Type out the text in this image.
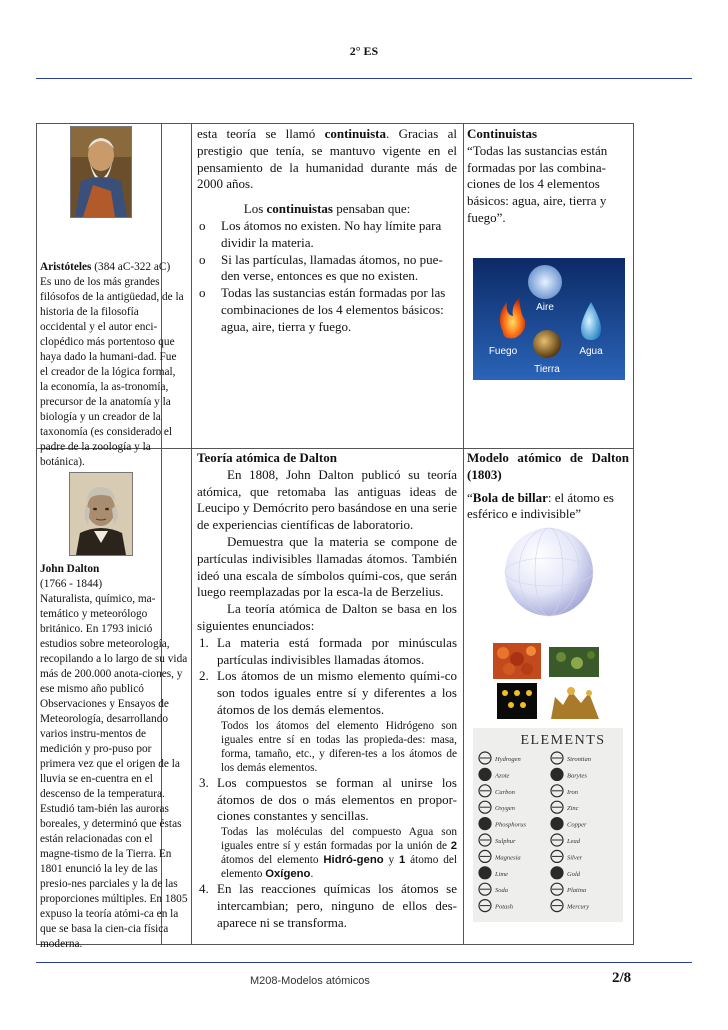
2° ES
Aristóteles (384 aC-322 aC)
Es uno de los más grandes filósofos de la antigüedad, de la historia de la filosofía occidental y el autor enci-clopédico más portentoso que haya dado la humani-dad. Fue el creador de la lógica formal, la economía, la as-tronomía, precursor de la anatomía y la biología y un creador de la taxonomía (es considerado el padre de la zoología y la botánica).
esta teoría se llamó continuista. Gracias al prestigio que tenía, se mantuvo vigente en el pensamiento de la humanidad durante más de 2000 años.
Los continuistas pensaban que:
o Los átomos no existen. No hay límite para dividir la materia.
o Si las partículas, llamadas átomos, no pue-den verse, entonces es que no existen.
o Todas las sustancias están formadas por las combinaciones de los 4 elementos básicos: agua, aire, tierra y fuego.
Continuistas
“Todas las sustancias están formadas por las combina-ciones de los 4 elementos básicos: agua, aire, tierra y fuego”.
Aire
Fuego	Agua
Tierra
John Dalton
(1766 - 1844)
Naturalista, químico, ma-temático y meteorólogo británico. En 1793 inició estudios sobre meteorología, recopilando a lo largo de su vida más de 200.000 anota-ciones, y ese mismo año publicó Observaciones y Ensayos de Meteorología, desarrollando varios instru-mentos de medición y pro-puso por primera vez que el origen de la lluvia se en-cuentra en el descenso de la temperatura. Estudió tam-bién las auroras boreales, y determinó que éstas están relacionadas con el magne-tismo de la Tierra. En 1801 enunció la ley de las presio-nes parciales y la de las proporciones múltiples. En 1805 expuso la teoría atómi-ca en la que se basa la cien-cia física moderna.
Teoría atómica de Dalton
En 1808, John Dalton publicó su teoría atómica, que retomaba las antiguas ideas de Leucipo y Demócrito pero basándose en una serie de experiencias científicas de laboratorio.
Demuestra que la materia se compone de partículas indivisibles llamadas átomos. También ideó una escala de símbolos quími-cos, que serán luego reemplazadas por la esca-la de Berzelius.
La teoría atómica de Dalton se basa en los siguientes enunciados:
1. La materia está formada por minúsculas partículas indivisibles llamadas átomos.
2. Los átomos de un mismo elemento quími-co son todos iguales entre sí y diferentes a los átomos de los demás elementos.
Todos los átomos del elemento Hidrógeno son iguales entre sí en todas las propieda-des: masa, forma, tamaño, etc., y diferen-tes a los átomos de los demás elementos.
3. Los compuestos se forman al unirse los átomos de dos o más elementos en propor-ciones constantes y sencillas.
Todas las moléculas del compuesto Agua son iguales entre sí y están formadas por la unión de 2 átomos del elemento Hidró-geno y 1 átomo del elemento Oxígeno.
4. En las reacciones químicas los átomos se intercambian; pero, ninguno de ellos des-aparece ni se transforma.
Modelo atómico de Dalton (1803)
“Bola de billar: el átomo es esférico e indivisible”
ELEMENTS
Hydrogen
Azote
Carbon
Oxygen
Phosphorus
Sulphur
Magnesia
Lime
Soda
Potash
Strontian
Barytes
Iron
Zinc
Copper
Lead
Silver
Gold
Platina
Mercury
M208-Modelos atómicos	2/8
